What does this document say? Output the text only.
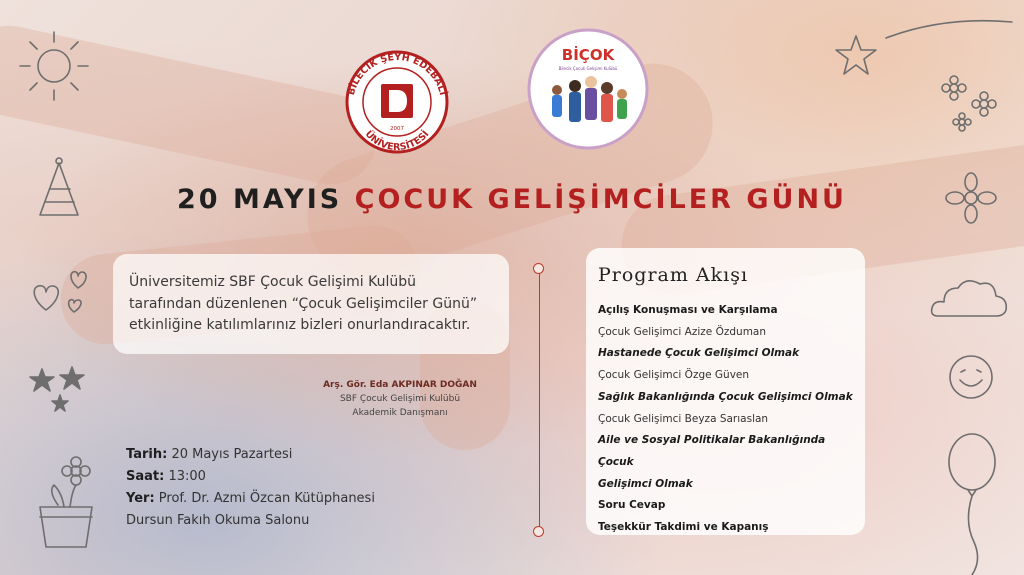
BİLECİK ŞEYH EDEBALİ
ÜNİVERSİTESİ
2007
BİÇOK
Bilecik Çocuk Gelişimi Kulübü
20 MAYIS ÇOCUK GELİŞİMCİLER GÜNÜ

Üniversitemiz SBF Çocuk Gelişimi Kulübü
tarafından düzenlenen “Çocuk Gelişimciler Günü”
etkinliğine katılımlarınız bizleri onurlandıracaktır.

Arş. Gör. Eda AKPINAR DOĞAN
SBF Çocuk Gelişimi Kulübü
Akademik Danışmanı
Tarih: 20 Mayıs Pazartesi
Saat: 13:00
Yer: Prof. Dr. Azmi Özcan Kütüphanesi
Dursun Fakıh Okuma Salonu
Program Akışı
Açılış Konuşması ve Karşılama
Çocuk Gelişimci Azize Özduman
Hastanede Çocuk Gelişimci Olmak
Çocuk Gelişimci Özge Güven
Sağlık Bakanlığında Çocuk Gelişimci Olmak
Çocuk Gelişimci Beyza Sarıaslan
Aile ve Sosyal Politikalar Bakanlığında Çocuk
Gelişimci Olmak
Soru Cevap
Teşekkür Takdimi ve Kapanış
